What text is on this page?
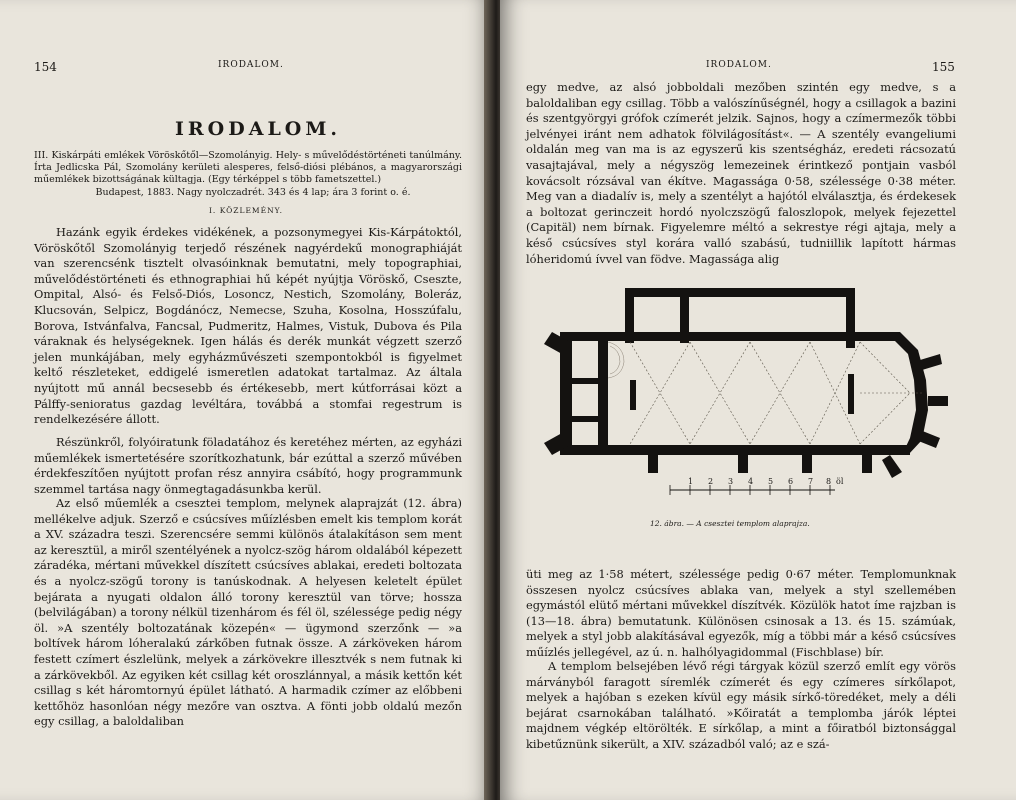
154	IRODALOM.
IRODALOM.
III. Kiskárpáti emlékek Vöröskőtől—Szomolányig. Hely- s művelődéstörténeti tanúlmány. Írta Jedlicska Pál, Szomolány kerületi alesperes, felső-diósi plébános, a magyarországi műemlékek bizottságának kültagja. (Egy térképpel s több fametszettel.)
Budapest, 1883. Nagy nyolczadrét. 343 és 4 lap; ára 3 forint o. é.
I. KÖZLEMÉNY.

Hazánk egyik érdekes vidékének, a pozsonymegyei Kis-Kárpátoktól, Vöröskőtől Szomolányig terjedő részének nagyérdekű monographiáját van szerencsénk tisztelt olvasóinknak bemutatni, mely topographiai, művelődéstörténeti és ethnographiai hű képét nyújtja Vöröskő, Cseszte, Ompital, Alsó- és Felső-Diós, Losoncz, Nestich, Szomolány, Boleráz, Klucsován, Selpicz, Bogdánócz, Nemecse, Szuha, Kosolna, Hosszúfalu, Borova, Istvánfalva, Fancsal, Pudmeritz, Halmes, Vistuk, Dubova és Pila váraknak és helységeknek. Igen hálás és derék munkát végzett szerző jelen munkájában, mely egyházművészeti szempontokból is figyelmet keltő részleteket, eddigelé ismeretlen adatokat tartalmaz. Az általa nyújtott mű annál becsesebb és értékesebb, mert kútforrásai közt a Pálffy-senioratus gazdag levéltára, továbbá a stomfai regestrum is rendelkezésére állott.

Részünkről, folyóiratunk föladatához és keretéhez mérten, az egyházi műemlékek ismertetésére szorítkozhatunk, bár ezúttal a szerző művében érdekfeszítően nyújtott profan rész annyira csábító, hogy programmunk szemmel tartása nagy önmegtagadásunkba kerül.

Az első műemlék a csesztei templom, melynek alaprajzát (12. ábra) mellékelve adjuk. Szerző e csúcsíves műízlésben emelt kis templom korát a XV. századra teszi. Szerencsére semmi különös átalakításon sem ment az keresztül, a miről szentélyének a nyolcz-szög három oldalából képezett záradéka, mértani művekkel díszített csúcsíves ablakai, eredeti boltozata és a nyolcz-szögű torony is tanúskodnak. A helyesen keletelt épület bejárata a nyugati oldalon álló torony keresztül van törve; hossza (belvilágában) a torony nélkül tizenhárom és fél öl, szélessége pedig négy öl. »A szentély boltozatának közepén« — ügymond szerzőnk — »a boltívek három lóheralakú zárkőben futnak össze. A zárköveken három festett czímert észlelünk, melyek a zárkövekre illesztvék s nem futnak ki a zárkövekből. Az egyiken két csillag két oroszlánnyal, a másik kettőn két csillag s két háromtornyú épület látható. A harmadik czímer az előbbeni kettőhöz hasonlóan négy mezőre van osztva. A fönti jobb oldalú mezőn egy csillag, a baloldaliban

IRODALOM.	155

egy medve, az alsó jobboldali mezőben szintén egy medve, s a baloldaliban egy csillag. Több a valószínűségnél, hogy a csillagok a bazini és szentgyörgyi grófok czímerét jelzik. Sajnos, hogy a czímermezők többi jelvényei iránt nem adhatok fölvilágosítást«. — A szentély evangeliumi oldalán meg van ma is az egyszerű kis szentségház, eredeti rácsozatú vasajtajával, mely a négyszög lemezeinek érintkező pontjain vasból kovácsolt rózsával van ékítve. Magassága 0·58, szélessége 0·38 méter. Meg van a diadalív is, mely a szentélyt a hajótól elválasztja, és érdekesek a boltozat gerinczeit hordó nyolczszögű faloszlopok, melyek fejezettel (Capitäl) nem bírnak. Figyelemre méltó a sekrestye régi ajtaja, mely a késő csúcsíves styl korára valló szabású, tudniillik lapított hármas lóheridomú ívvel van födve. Magassága alig

1 2 3 4 5 6 7 8 öl
12. ábra. — A csesztei templom alaprajza.

üti meg az 1·58 métert, szélessége pedig 0·67 méter. Templomunknak összesen nyolcz csúcsíves ablaka van, melyek a styl szellemében egymástól elütő mértani művekkel díszítvék. Közülök hatot íme rajzban is (13—18. ábra) bemutatunk. Különösen csinosak a 13. és 15. számúak, melyek a styl jobb alakításával egyezők, míg a többi már a késő csúcsíves műízlés jellegével, az ú. n. halhólyagidommal (Fischblase) bír.

A templom belsejében lévő régi tárgyak közül szerző említ egy vörös márványból faragott síremlék czímerét és egy czímeres sírkőlapot, melyek a hajóban s ezeken kívül egy másik sírkő-töredéket, mely a déli bejárat csarnokában található. »Kőiratát a templomba járók léptei majdnem végkép eltörölték. E sírkőlap, a mint a főiratból biztonsággal kibetűznünk sikerült, a XIV. századból való; az e szá-
